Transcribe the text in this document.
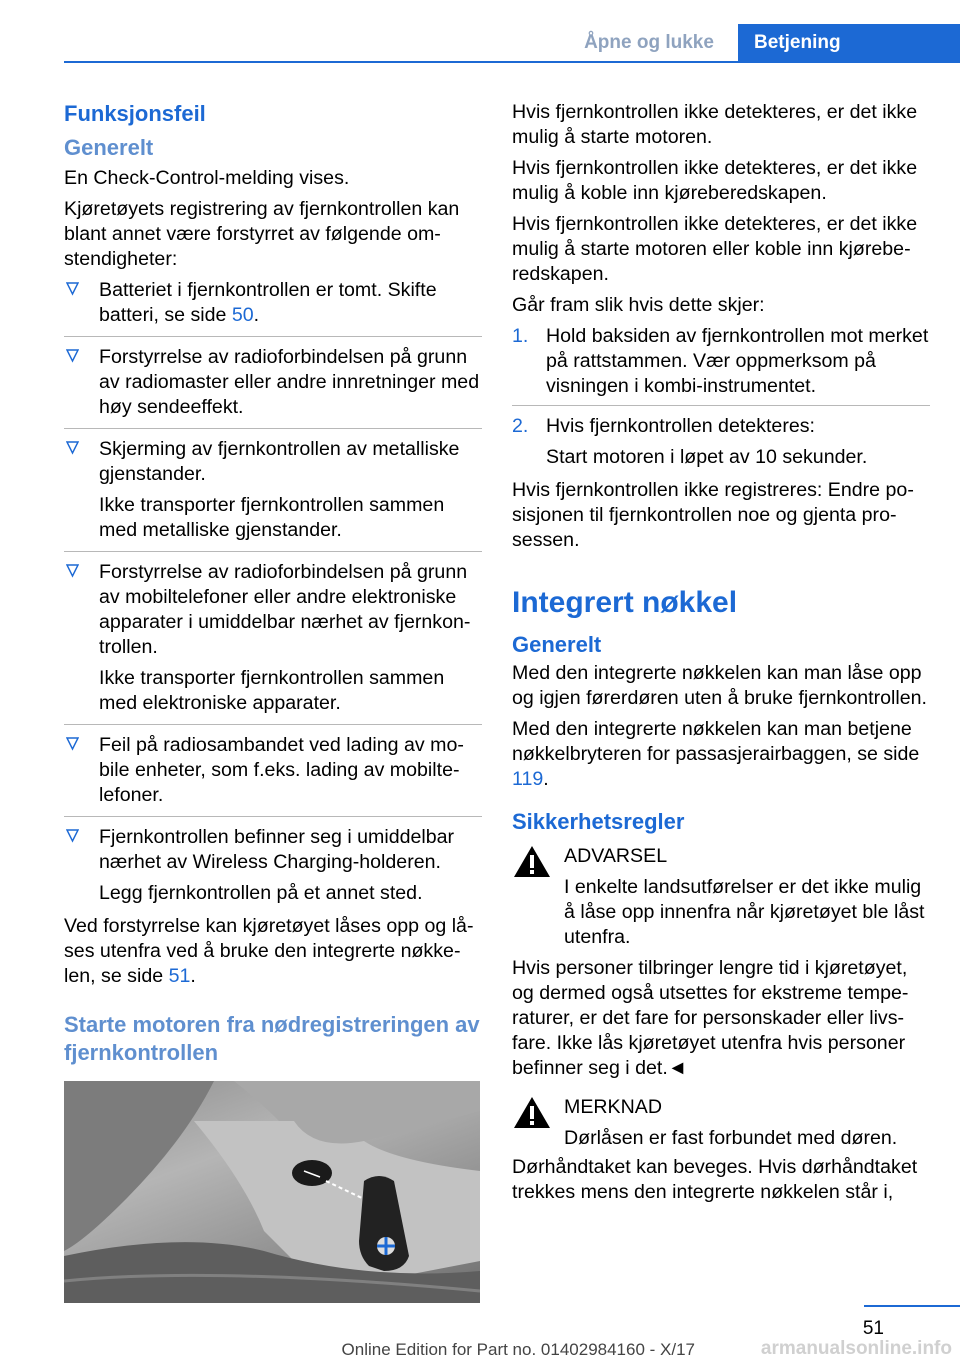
Åpne og lukke	Betjening
Funksjonsfeil
Generelt

En Check-Control-melding vises.

Kjøretøyets registrering av fjernkontrollen kan blant annet være forstyrret av følgende omstendigheter:

Batteriet i fjernkontrollen er tomt. Skifte batteri, se side 50.
Forstyrrelse av radioforbindelsen på grunn av radiomaster eller andre innretninger med høy sendeeffekt.
Skjerming av fjernkontrollen av metalliske gjenstander.
Ikke transporter fjernkontrollen sammen med metalliske gjenstander.
Forstyrrelse av radioforbindelsen på grunn av mobiltelefoner eller andre elektroniske apparater i umiddelbar nærhet av fjernkontrollen.
Ikke transporter fjernkontrollen sammen med elektroniske apparater.
Feil på radiosambandet ved lading av mobile enheter, som f.eks. lading av mobiltelefoner.
Fjernkontrollen befinner seg i umiddelbar nærhet av Wireless Charging-holderen.
Legg fjernkontrollen på et annet sted.

Ved forstyrrelse kan kjøretøyet låses opp og låses utenfra ved å bruke den integrerte nøkkelen, se side 51.

Starte motoren fra nødregistreringen av fjernkontrollen

Hvis fjernkontrollen ikke detekteres, er det ikke mulig å starte motoren.

Hvis fjernkontrollen ikke detekteres, er det ikke mulig å koble inn kjøreberedskapen.

Hvis fjernkontrollen ikke detekteres, er det ikke mulig å starte motoren eller koble inn kjøreberedskapen.

Går fram slik hvis dette skjer:

1. Hold baksiden av fjernkontrollen mot merket på rattstammen. Vær oppmerksom på visningen i kombi-instrumentet.
2. Hvis fjernkontrollen detekteres:
Start motoren i løpet av 10 sekunder.

Hvis fjernkontrollen ikke registreres: Endre posisjonen til fjernkontrollen noe og gjenta prosessen.

Integrert nøkkel
Generelt

Med den integrerte nøkkelen kan man låse opp og igjen førerdøren uten å bruke fjernkontrollen.

Med den integrerte nøkkelen kan man betjene nøkkelbryteren for passasjerairbaggen, se side 119.

Sikkerhetsregler
ADVARSEL

I enkelte landsutførelser er det ikke mulig å låse opp innenfra når kjøretøyet ble låst utenfra.

Hvis personer tilbringer lengre tid i kjøretøyet, og dermed også utsettes for ekstreme temperaturer, er det fare for personskader eller livsfare. Ikke lås kjøretøyet utenfra hvis personer befinner seg i det.◄

MERKNAD
Dørlåsen er fast forbundet med døren.

Dørhåndtaket kan beveges. Hvis dørhåndtaket trekkes mens den integrerte nøkkelen står i,

51
Online Edition for Part no. 01402984160 - X/17	armanualsonline.info
